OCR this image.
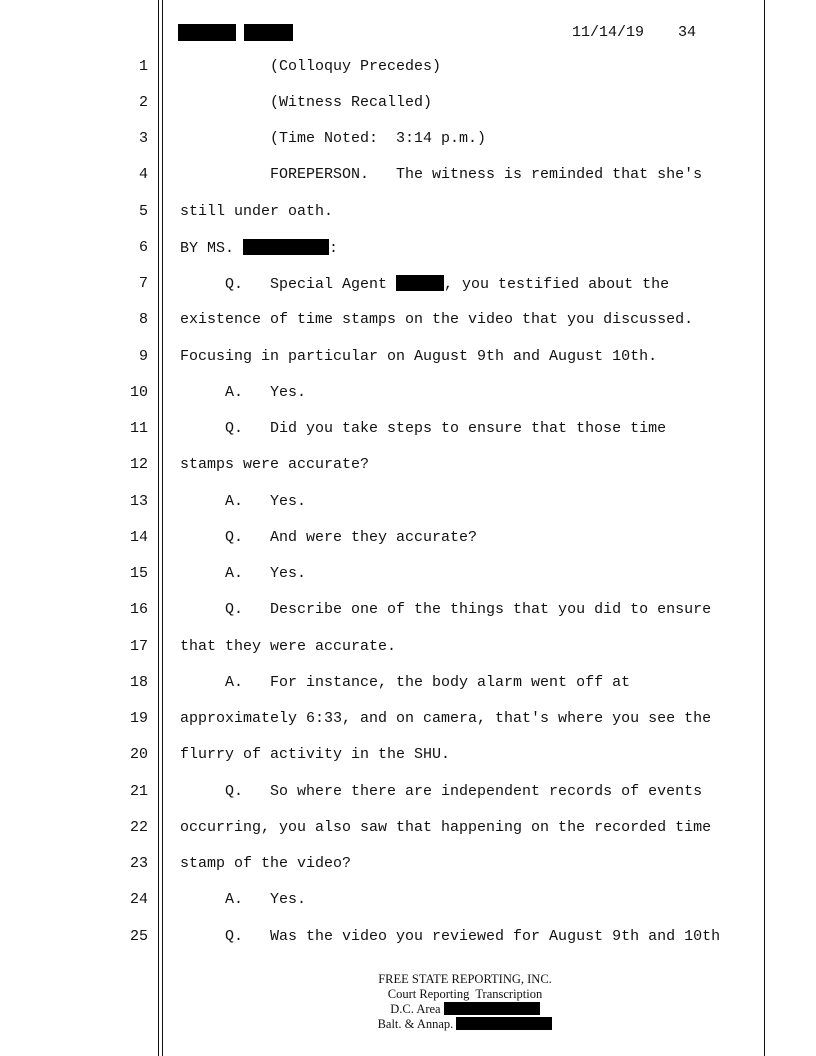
11/14/19 34
1 (Colloquy Precedes)
2 (Witness Recalled)
3 (Time Noted:  3:14 p.m.)
4 FOREPERSON.   The witness is reminded that she's
5 still under oath.
6 BY MS.	:
7 Q.   Special Agent	, you testified about the
8 existence of time stamps on the video that you discussed.
9 Focusing in particular on August 9th and August 10th.
10 A.   Yes.
11 Q.   Did you take steps to ensure that those time
12 stamps were accurate?
13 A.   Yes.
14 Q.   And were they accurate?
15 A.   Yes.
16 Q.   Describe one of the things that you did to ensure
17 that they were accurate.
18 A.   For instance, the body alarm went off at
19 approximately 6:33, and on camera, that's where you see the
20 flurry of activity in the SHU.
21 Q.   So where there are independent records of events
22 occurring, you also saw that happening on the recorded time
23 stamp of the video?
24 A.   Yes.
25 Q.   Was the video you reviewed for August 9th and 10th
FREE STATE REPORTING, INC.
Court Reporting  Transcription
D.C. Area
Balt. & Annap.
